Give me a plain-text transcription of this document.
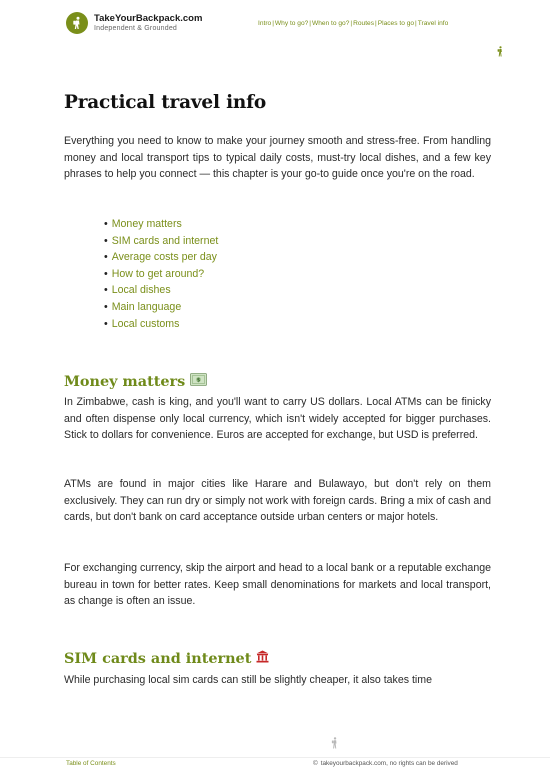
TakeYourBackpack.com
Independent & Grounded
Intro | Why to go? | When to go? | Routes | Places to go | Travel info
Practical travel info

Everything you need to know to make your journey smooth and stress-free. From handling money and local transport tips to typical daily costs, must-try local dishes, and a few key phrases to help you connect — this chapter is your go-to guide once you're on the road.

• Money matters
• SIM cards and internet
• Average costs per day
• How to get around?
• Local dishes
• Main language
• Local customs
Money matters $

In Zimbabwe, cash is king, and you'll want to carry US dollars. Local ATMs can be finicky and often dispense only local currency, which isn't widely accepted for bigger purchases. Stick to dollars for convenience. Euros are accepted for exchange, but USD is preferred.

ATMs are found in major cities like Harare and Bulawayo, but don't rely on them exclusively. They can run dry or simply not work with foreign cards. Bring a mix of cash and cards, but don't bank on card acceptance outside urban centers or major hotels.

For exchanging currency, skip the airport and head to a local bank or a reputable exchange bureau in town for better rates. Keep small denominations for markets and local transport, as change is often an issue.

SIM cards and internet

While purchasing local sim cards can still be slightly cheaper, it also takes time

Table of Contents	© takeyourbackpack.com, no rights can be derived
